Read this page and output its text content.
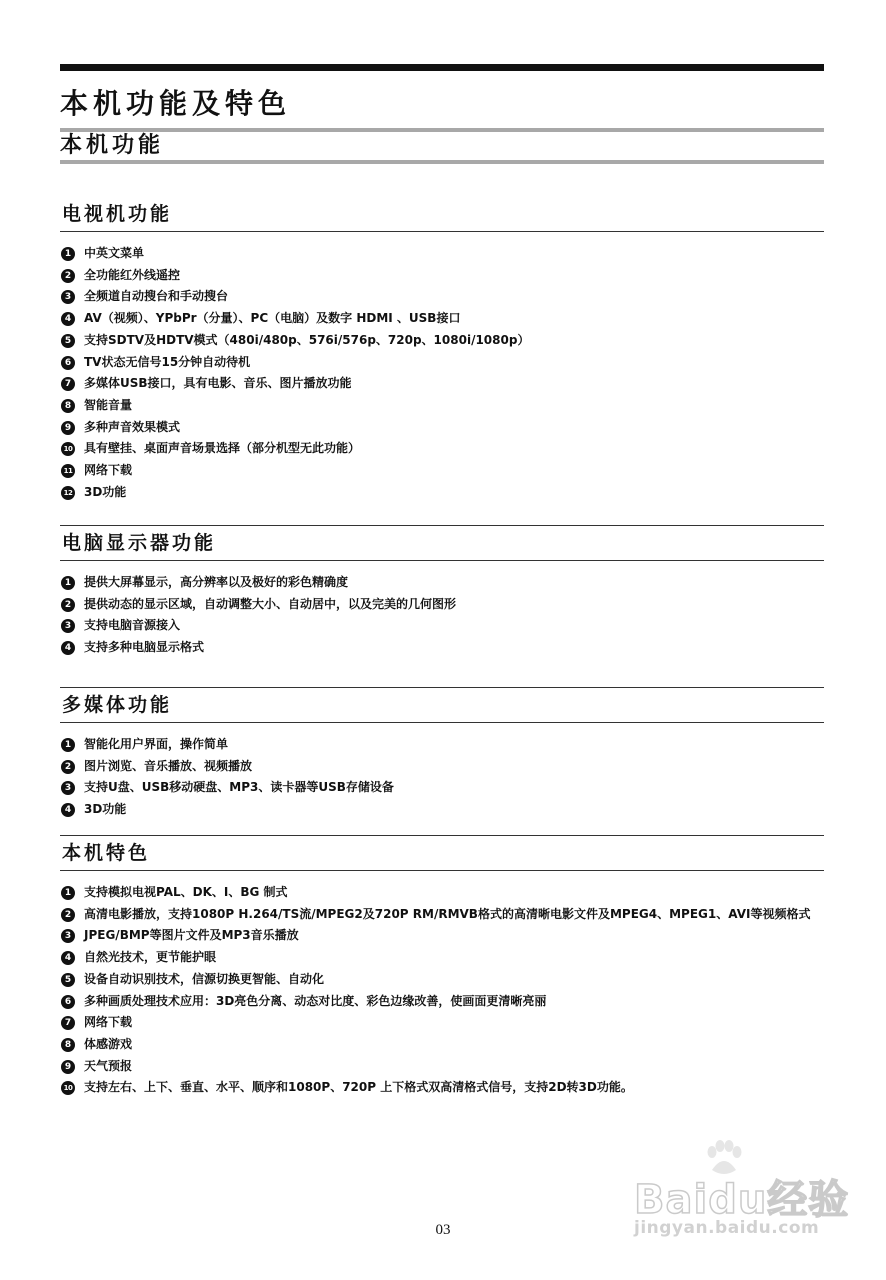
本机功能及特色
本机功能
电视机功能
1	中英文菜单
2	全功能红外线遥控
3	全频道自动搜台和手动搜台
4	AV（视频）、YPbPr（分量）、PC（电脑）及数字 HDMI 、USB接口
5	支持SDTV及HDTV模式（480i/480p、576i/576p、720p、1080i/1080p）
6	TV状态无信号15分钟自动待机
7	多媒体USB接口，具有电影、音乐、图片播放功能
8	智能音量
9	多种声音效果模式
10 具有壁挂、桌面声音场景选择（部分机型无此功能）
11 网络下载
12 3D功能
电脑显示器功能
1	提供大屏幕显示，高分辨率以及极好的彩色精确度
2	提供动态的显示区域，自动调整大小、自动居中，以及完美的几何图形
3	支持电脑音源接入
4	支持多种电脑显示格式
多媒体功能
1	智能化用户界面，操作简单
2	图片浏览、音乐播放、视频播放
3	支持U盘、USB移动硬盘、MP3、读卡器等USB存储设备
4	3D功能
本机特色
1	支持模拟电视PAL、DK、I、BG 制式
2	高清电影播放，支持1080P H.264/TS流/MPEG2及720P RM/RMVB格式的高清晰电影文件及MPEG4、MPEG1、AVI等视频格式
3	JPEG/BMP等图片文件及MP3音乐播放
4	自然光技术，更节能护眼
5	设备自动识别技术，信源切换更智能、自动化
6	多种画质处理技术应用：3D亮色分离、动态对比度、彩色边缘改善，使画面更清晰亮丽
7	网络下载
8	体感游戏
9	天气预报
10 支持左右、上下、垂直、水平、顺序和1080P、720P 上下格式双高清格式信号，支持2D转3D功能。
Baidu经验
jingyan.baidu.com
03
